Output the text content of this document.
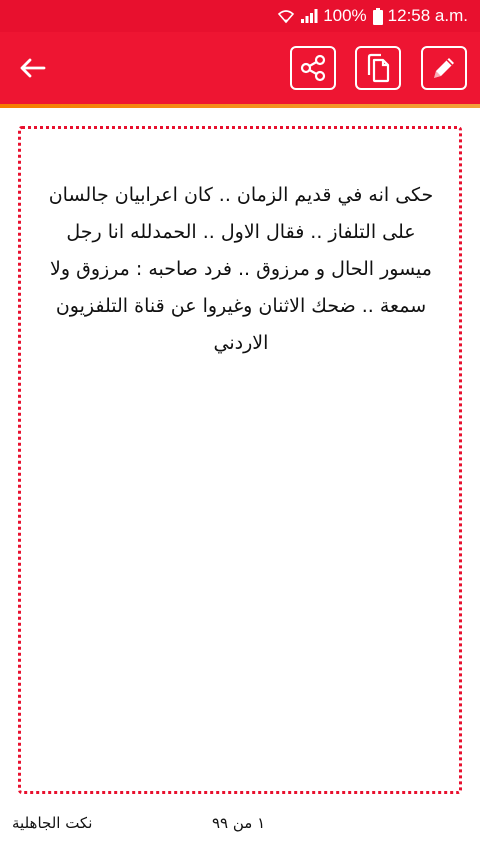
100% 12:58 a.m.

حكى انه في قديم الزمان .. كان اعرابيان جالسان على التلفاز .. فقال الاول .. الحمدلله انا رجل ميسور الحال و مرزوق .. فرد صاحبه : مرزوق ولا سمعة .. ضحك الاثنان وغيروا عن قناة التلفزيون الاردني

١ من ٩٩
نكت الجاهلية
